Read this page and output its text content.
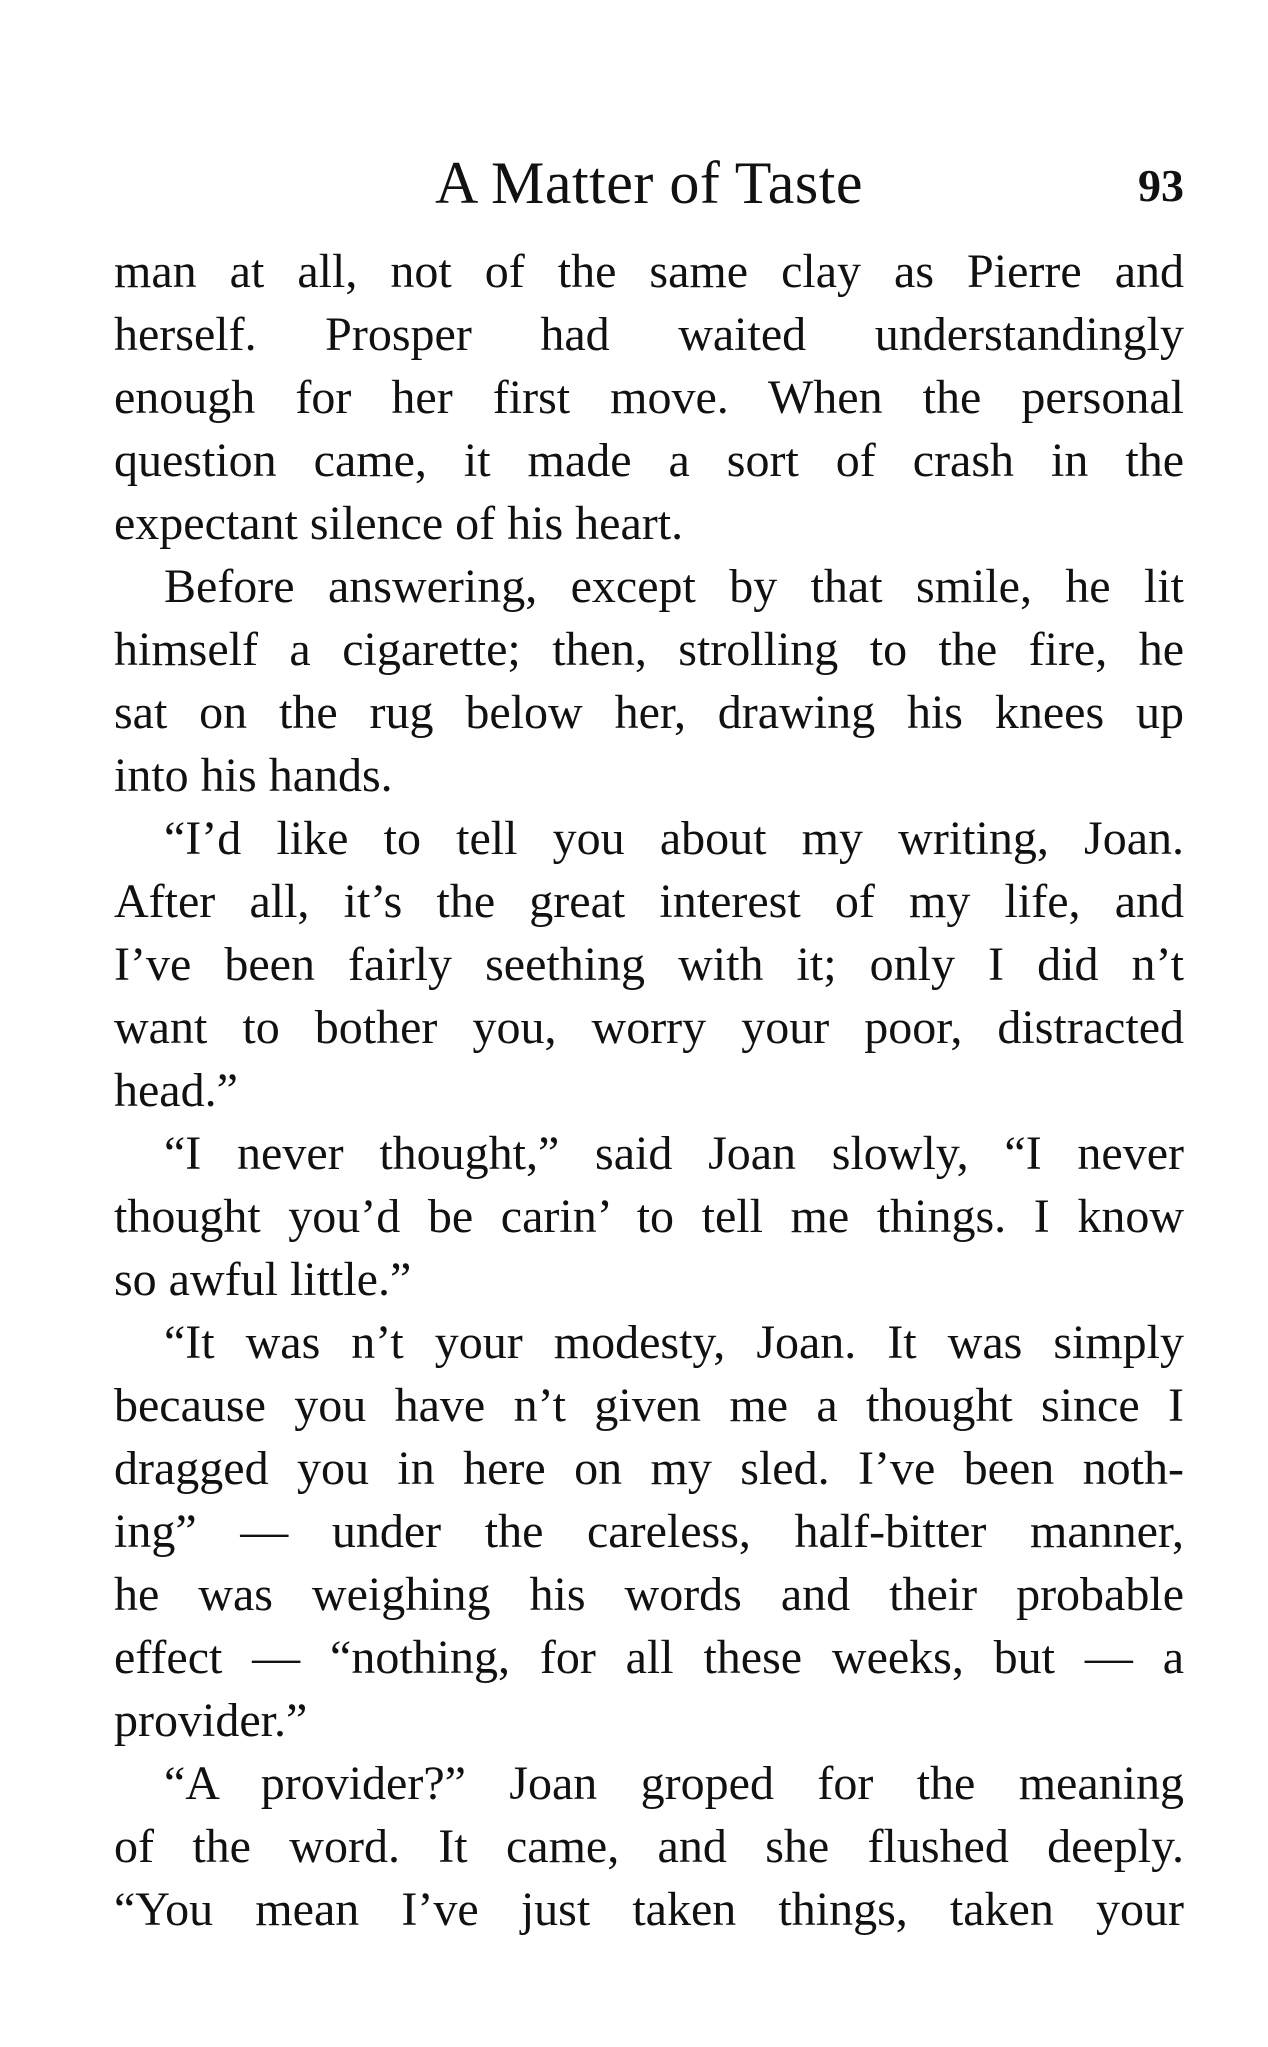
A Matter of Taste	93
man at all, not of the same clay as Pierre and
herself. Prosper had waited understandingly
enough for her first move. When the personal
question came, it made a sort of crash in the
expectant silence of his heart.
Before answering, except by that smile, he lit
himself a cigarette; then, strolling to the fire, he
sat on the rug below her, drawing his knees up
into his hands.
“I’d like to tell you about my writing, Joan.
After all, it’s the great interest of my life, and
I’ve been fairly seething with it; only I did n’t
want to bother you, worry your poor, distracted
head.”
“I never thought,” said Joan slowly, “I never
thought you’d be carin’ to tell me things. I know
so awful little.”
“It was n’t your modesty, Joan. It was simply
because you have n’t given me a thought since I
dragged you in here on my sled. I’ve been noth-
ing” — under the careless, half-bitter manner,
he was weighing his words and their probable
effect — “nothing, for all these weeks, but — a
provider.”
“A provider?” Joan groped for the meaning
of the word. It came, and she flushed deeply.
“You mean I’ve just taken things, taken your
